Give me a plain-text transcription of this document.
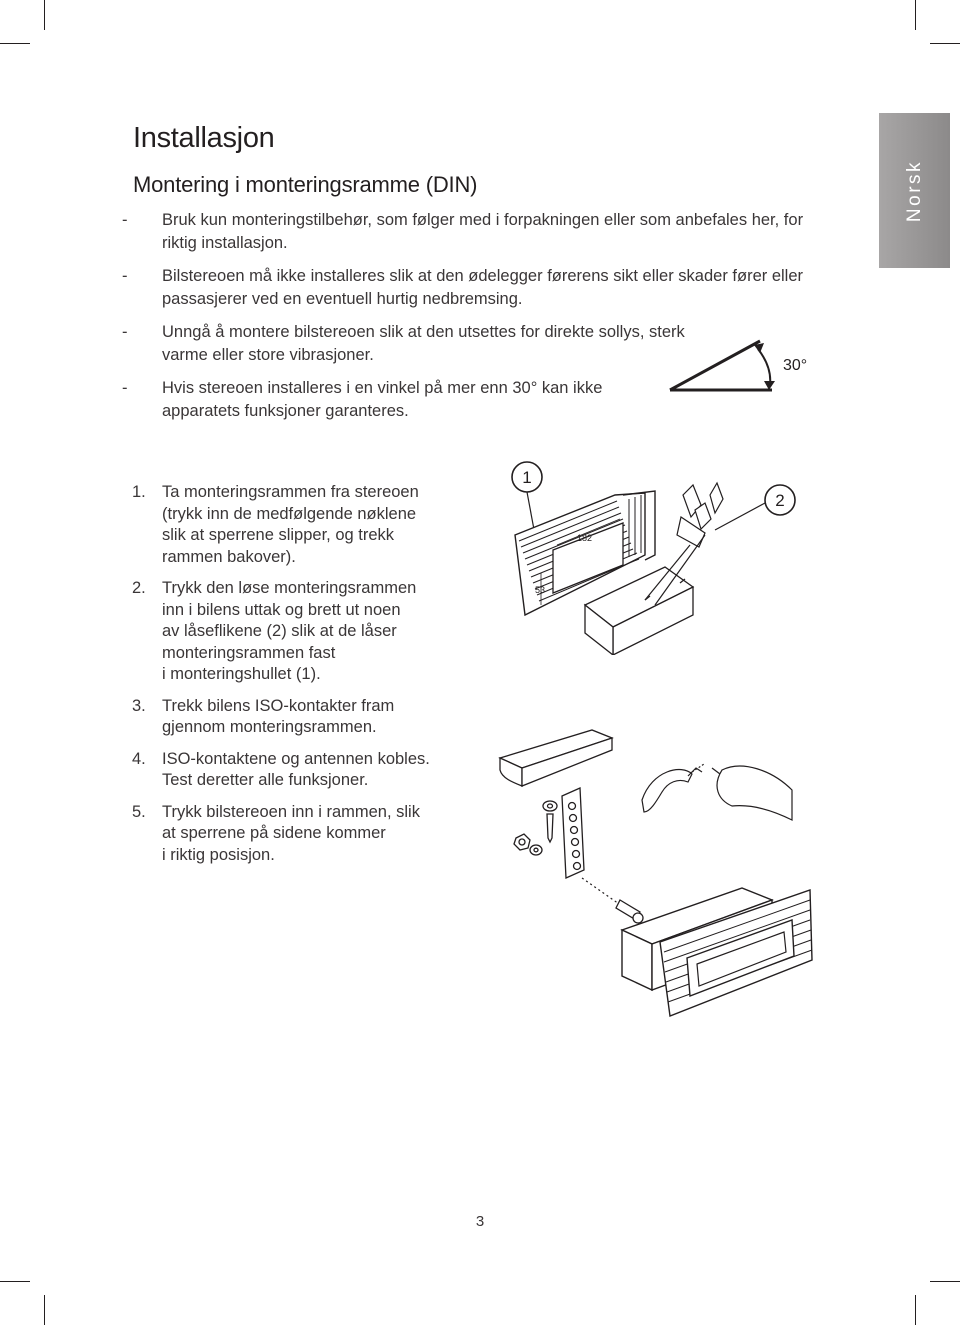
Norsk
Installasjon
Montering i monteringsramme (DIN)
- Bruk kun monteringstilbehør, som følger med i forpakningen eller som anbefales her, for riktig installasjon.
- Bilstereoen må ikke installeres slik at den ødelegger førerens sikt eller skader fører eller passasjerer ved en eventuell hurtig nedbremsing.
- Unngå å montere bilstereoen slik at den utsettes for direkte sollys, sterk varme eller store vibrasjoner.
- Hvis stereoen installeres i en vinkel på mer enn 30° kan ikke apparatets funksjoner garanteres.
30°
1. Ta monteringsrammen fra stereoen
(trykk inn de medfølgende nøklene
slik at sperrene slipper, og trekk
rammen bakover).
2. Trykk den løse monteringsrammen
inn i bilens uttak og brett ut noen
av låseflikene (2) slik at de låser
monteringsrammen fast
i monteringshullet (1).
3. Trekk bilens ISO-kontakter fram
gjennom monteringsrammen.
4. ISO-kontaktene og antennen kobles.
Test deretter alle funksjoner.
5. Trykk bilstereoen inn i rammen, slik
at sperrene på sidene kommer
i riktig posisjon.
1
2
182
53
3
